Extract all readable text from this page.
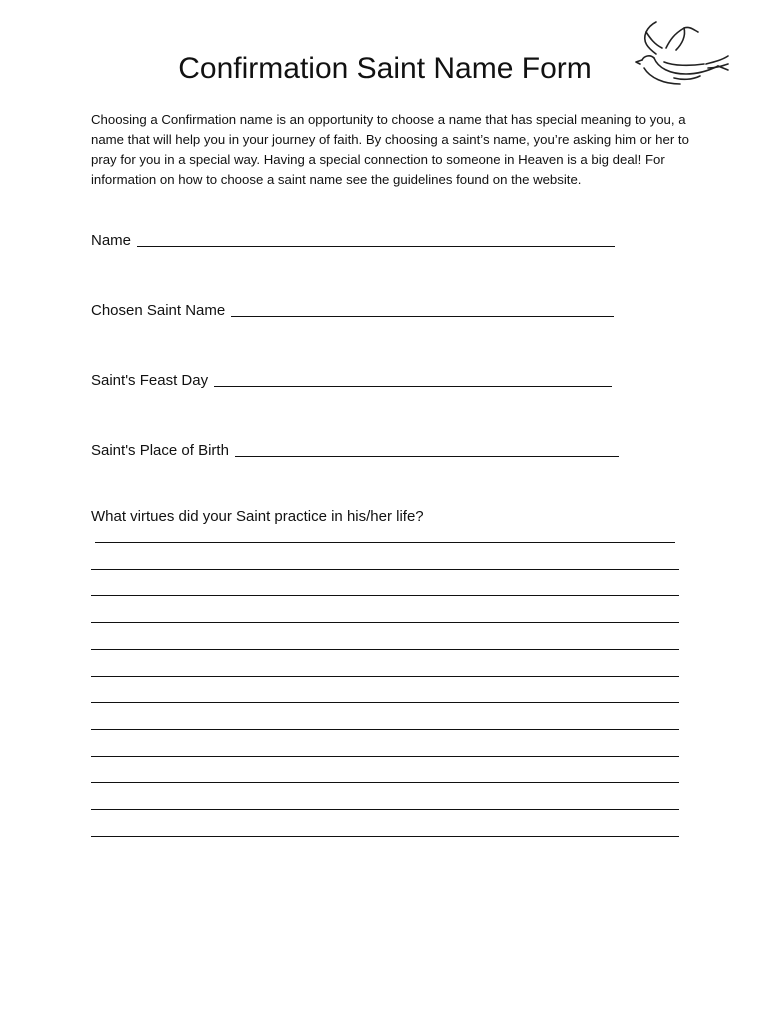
Confirmation Saint Name Form

Choosing a Confirmation name is an opportunity to choose a name that has special meaning to you, a name that will help you in your journey of faith. By choosing a saint’s name, you’re asking him or her to pray for you in a special way. Having a special connection to someone in Heaven is a big deal! For information on how to choose a saint name see the guidelines found on the website.

Name
Chosen Saint Name
Saint's Feast Day
Saint's Place of Birth

What virtues did your Saint practice in his/her life?
